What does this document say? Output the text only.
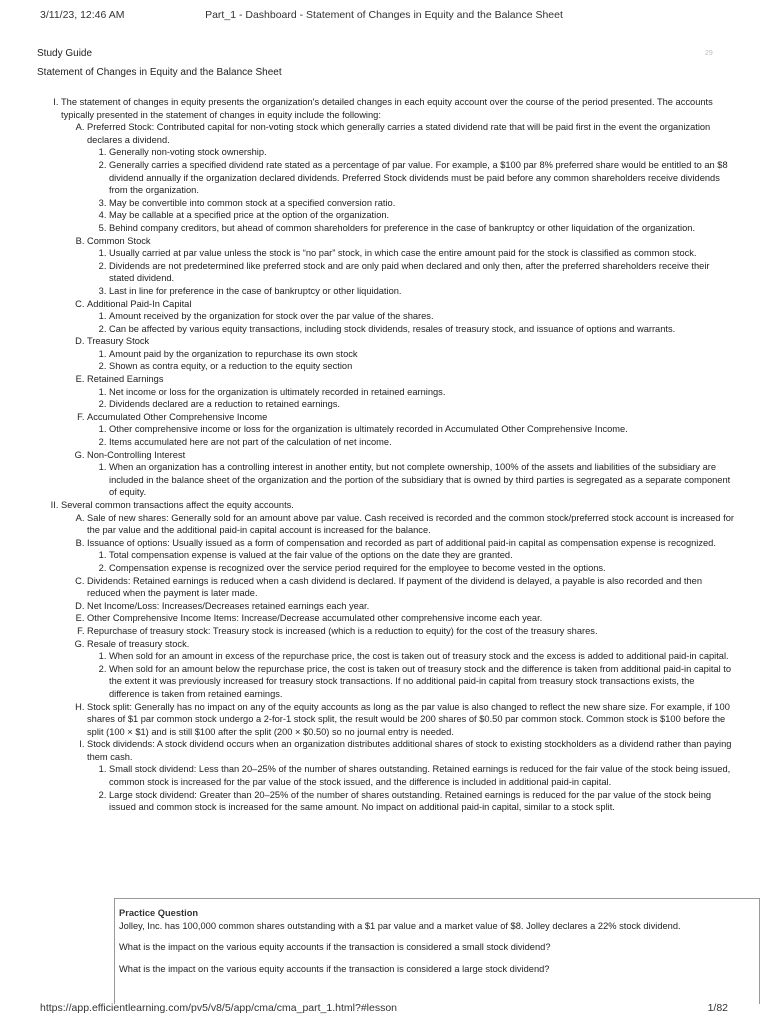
3/11/23, 12:46 AM	Part_1 - Dashboard - Statement of Changes in Equity and the Balance Sheet
Study Guide	29
Statement of Changes in Equity and the Balance Sheet
I. The statement of changes in equity presents the organization's detailed changes in each equity account over the course of the period presented. The accounts typically presented in the statement of changes in equity include the following:
A. Preferred Stock: Contributed capital for non-voting stock which generally carries a stated dividend rate that will be paid first in the event the organization declares a dividend.
1. Generally non-voting stock ownership.
2. Generally carries a specified dividend rate stated as a percentage of par value. For example, a $100 par 8% preferred share would be entitled to an $8 dividend annually if the organization declared dividends. Preferred Stock dividends must be paid before any common shareholders receive dividends from the organization.
3. May be convertible into common stock at a specified conversion ratio.
4. May be callable at a specified price at the option of the organization.
5. Behind company creditors, but ahead of common shareholders for preference in the case of bankruptcy or other liquidation of the organization.
B. Common Stock
1. Usually carried at par value unless the stock is “no par” stock, in which case the entire amount paid for the stock is classified as common stock.
2. Dividends are not predetermined like preferred stock and are only paid when declared and only then, after the preferred shareholders receive their stated dividend.
3. Last in line for preference in the case of bankruptcy or other liquidation.
C. Additional Paid-In Capital
1. Amount received by the organization for stock over the par value of the shares.
2. Can be affected by various equity transactions, including stock dividends, resales of treasury stock, and issuance of options and warrants.
D. Treasury Stock
1. Amount paid by the organization to repurchase its own stock
2. Shown as contra equity, or a reduction to the equity section
E. Retained Earnings
1. Net income or loss for the organization is ultimately recorded in retained earnings.
2. Dividends declared are a reduction to retained earnings.
F. Accumulated Other Comprehensive Income
1. Other comprehensive income or loss for the organization is ultimately recorded in Accumulated Other Comprehensive Income.
2. Items accumulated here are not part of the calculation of net income.
G. Non-Controlling Interest
1. When an organization has a controlling interest in another entity, but not complete ownership, 100% of the assets and liabilities of the subsidiary are included in the balance sheet of the organization and the portion of the subsidiary that is owned by third parties is segregated as a separate component of equity.
II. Several common transactions affect the equity accounts.
A. Sale of new shares: Generally sold for an amount above par value. Cash received is recorded and the common stock/preferred stock account is increased for the par value and the additional paid-in capital account is increased for the balance.
B. Issuance of options: Usually issued as a form of compensation and recorded as part of additional paid-in capital as compensation expense is recognized.
1. Total compensation expense is valued at the fair value of the options on the date they are granted.
2. Compensation expense is recognized over the service period required for the employee to become vested in the options.
C. Dividends: Retained earnings is reduced when a cash dividend is declared. If payment of the dividend is delayed, a payable is also recorded and then reduced when the payment is later made.
D. Net Income/Loss: Increases/Decreases retained earnings each year.
E. Other Comprehensive Income Items: Increase/Decrease accumulated other comprehensive income each year.
F. Repurchase of treasury stock: Treasury stock is increased (which is a reduction to equity) for the cost of the treasury shares.
G. Resale of treasury stock.
1. When sold for an amount in excess of the repurchase price, the cost is taken out of treasury stock and the excess is added to additional paid-in capital.
2. When sold for an amount below the repurchase price, the cost is taken out of treasury stock and the difference is taken from additional paid-in capital to the extent it was previously increased for treasury stock transactions. If no additional paid-in capital from treasury stock transactions exists, the difference is taken from retained earnings.
H. Stock split: Generally has no impact on any of the equity accounts as long as the par value is also changed to reflect the new share size. For example, if 100 shares of $1 par common stock undergo a 2-for-1 stock split, the result would be 200 shares of $0.50 par common stock. Common stock is $100 before the split (100 × $1) and is still $100 after the split (200 × $0.50) so no journal entry is needed.
I. Stock dividends: A stock dividend occurs when an organization distributes additional shares of stock to existing stockholders as a dividend rather than paying them cash.
1. Small stock dividend: Less than 20–25% of the number of shares outstanding. Retained earnings is reduced for the fair value of the stock being issued, common stock is increased for the par value of the stock issued, and the difference is included in additional paid-in capital.
2. Large stock dividend: Greater than 20–25% of the number of shares outstanding. Retained earnings is reduced for the par value of the stock being issued and common stock is increased for the same amount. No impact on additional paid-in capital, similar to a stock split.
Practice Question

Jolley, Inc. has 100,000 common shares outstanding with a $1 par value and a market value of $8. Jolley declares a 22% stock dividend.

What is the impact on the various equity accounts if the transaction is considered a small stock dividend?

What is the impact on the various equity accounts if the transaction is considered a large stock dividend?

https://app.efficientlearning.com/pv5/v8/5/app/cma/cma_part_1.html?#lesson	1/82
